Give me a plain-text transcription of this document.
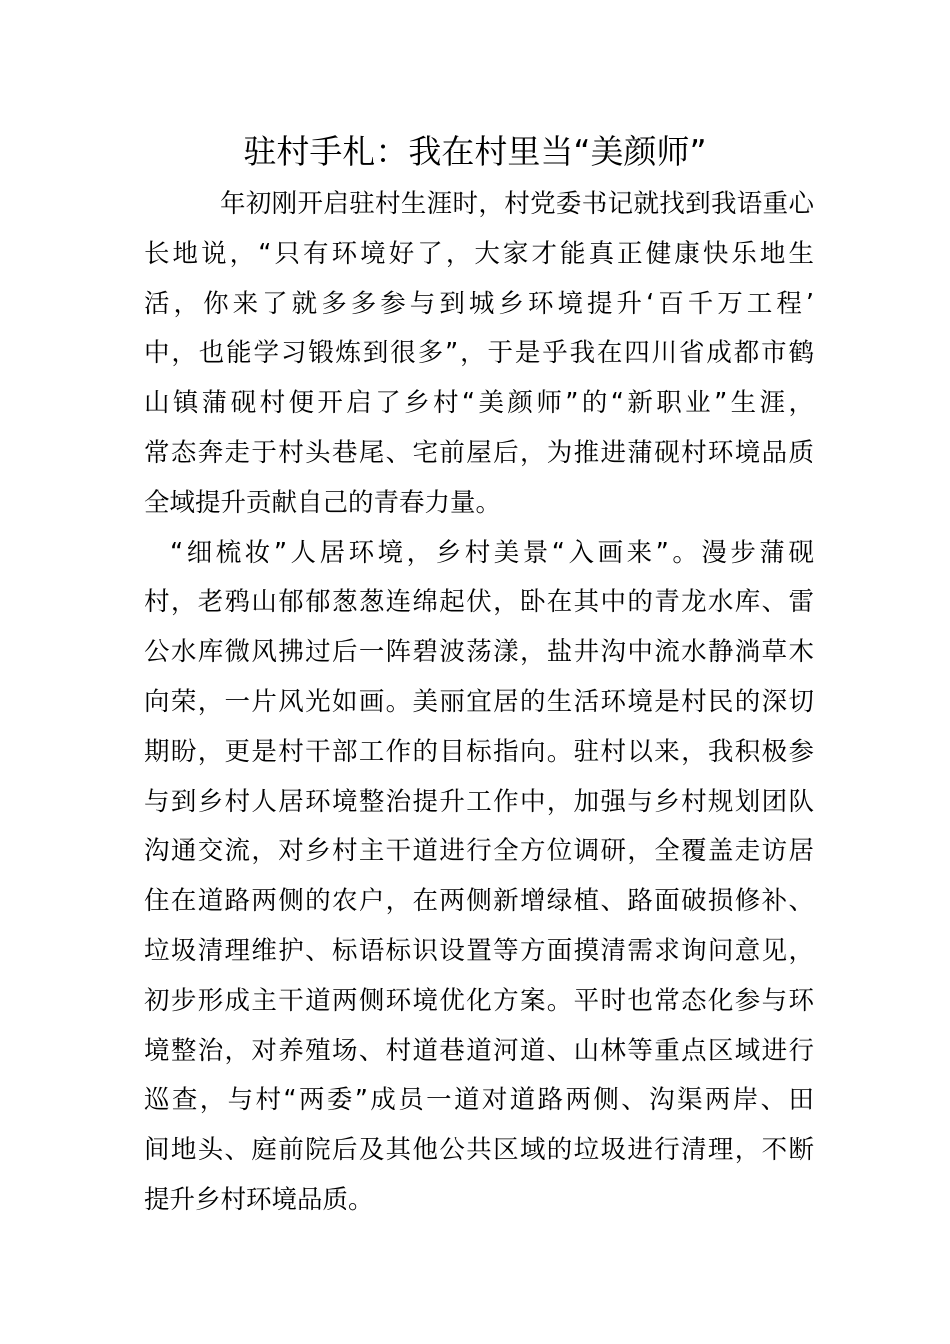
驻村手札：我在村里当“美颜师”
年初刚开启驻村生涯时，村党委书记就找到我语重心
长地说，“只有环境好了，大家才能真正健康快乐地生
活，你来了就多多参与到城乡环境提升‘百千万工程’
中，也能学习锻炼到很多”，于是乎我在四川省成都市鹤
山镇蒲砚村便开启了乡村“美颜师”的“新职业”生涯，
常态奔走于村头巷尾、宅前屋后，为推进蒲砚村环境品质
全域提升贡献自己的青春力量。
“细梳妆”人居环境，乡村美景“入画来”。漫步蒲砚
村，老鸦山郁郁葱葱连绵起伏，卧在其中的青龙水库、雷
公水库微风拂过后一阵碧波荡漾，盐井沟中流水静淌草木
向荣，一片风光如画。美丽宜居的生活环境是村民的深切
期盼，更是村干部工作的目标指向。驻村以来，我积极参
与到乡村人居环境整治提升工作中，加强与乡村规划团队
沟通交流，对乡村主干道进行全方位调研，全覆盖走访居
住在道路两侧的农户，在两侧新增绿植、路面破损修补、
垃圾清理维护、标语标识设置等方面摸清需求询问意见，
初步形成主干道两侧环境优化方案。平时也常态化参与环
境整治，对养殖场、村道巷道河道、山林等重点区域进行
巡查，与村“两委”成员一道对道路两侧、沟渠两岸、田
间地头、庭前院后及其他公共区域的垃圾进行清理，不断
提升乡村环境品质。
